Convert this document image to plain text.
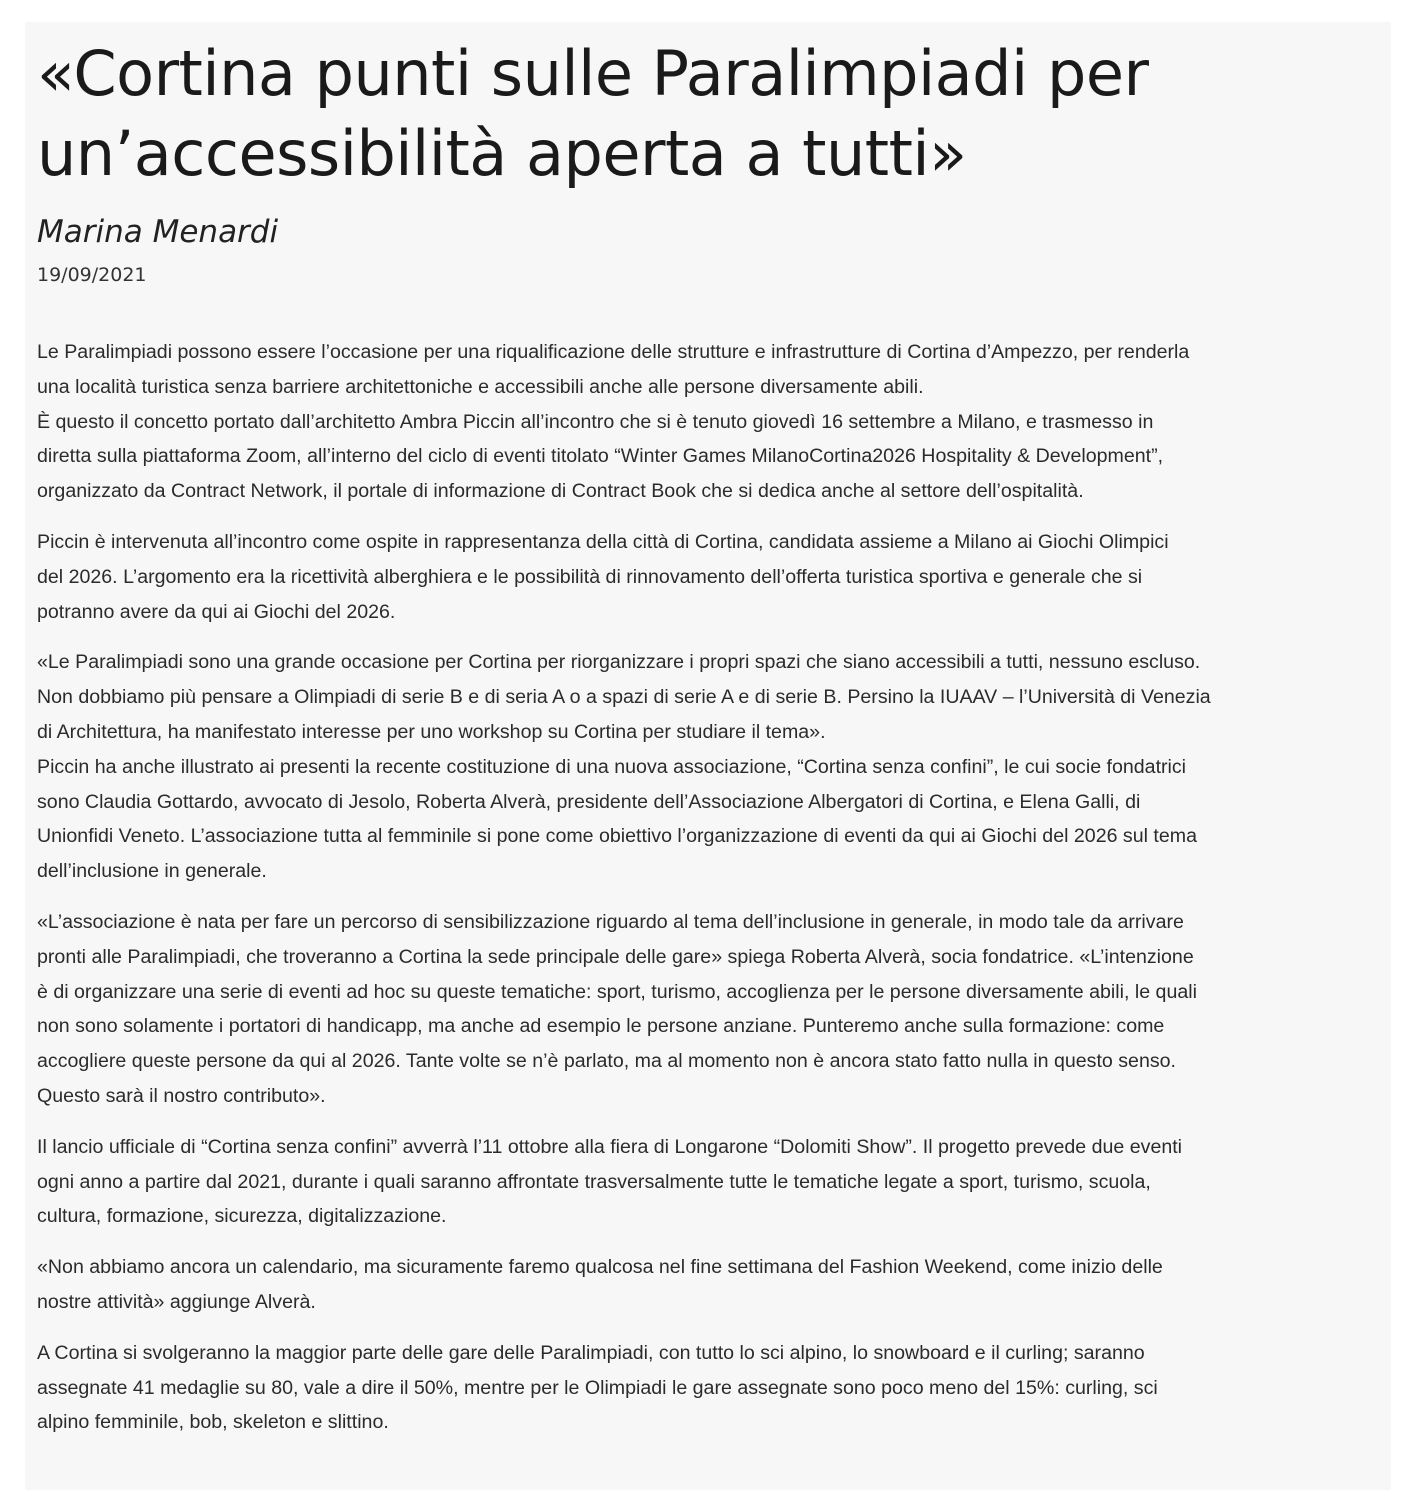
«Cortina punti sulle Paralimpiadi per
un’accessibilità aperta a tutti»
Marina Menardi
19/09/2021

Le Paralimpiadi possono essere l’occasione per una riqualificazione delle strutture e infrastrutture di Cortina d’Ampezzo, per renderla
una località turistica senza barriere architettoniche e accessibili anche alle persone diversamente abili.
È questo il concetto portato dall’architetto Ambra Piccin all’incontro che si è tenuto giovedì 16 settembre a Milano, e trasmesso in
diretta sulla piattaforma Zoom, all’interno del ciclo di eventi titolato “Winter Games MilanoCortina2026 Hospitality & Development”,
organizzato da Contract Network, il portale di informazione di Contract Book che si dedica anche al settore dell’ospitalità.

Piccin è intervenuta all’incontro come ospite in rappresentanza della città di Cortina, candidata assieme a Milano ai Giochi Olimpici
del 2026. L’argomento era la ricettività alberghiera e le possibilità di rinnovamento dell’offerta turistica sportiva e generale che si
potranno avere da qui ai Giochi del 2026.

«Le Paralimpiadi sono una grande occasione per Cortina per riorganizzare i propri spazi che siano accessibili a tutti, nessuno escluso.
Non dobbiamo più pensare a Olimpiadi di serie B e di seria A o a spazi di serie A e di serie B. Persino la IUAAV – l’Università di Venezia
di Architettura, ha manifestato interesse per uno workshop su Cortina per studiare il tema».
Piccin ha anche illustrato ai presenti la recente costituzione di una nuova associazione, “Cortina senza confini”, le cui socie fondatrici
sono Claudia Gottardo, avvocato di Jesolo, Roberta Alverà, presidente dell’Associazione Albergatori di Cortina, e Elena Galli, di
Unionfidi Veneto. L’associazione tutta al femminile si pone come obiettivo l’organizzazione di eventi da qui ai Giochi del 2026 sul tema
dell’inclusione in generale.

«L’associazione è nata per fare un percorso di sensibilizzazione riguardo al tema dell’inclusione in generale, in modo tale da arrivare
pronti alle Paralimpiadi, che troveranno a Cortina la sede principale delle gare» spiega Roberta Alverà, socia fondatrice. «L’intenzione
è di organizzare una serie di eventi ad hoc su queste tematiche: sport, turismo, accoglienza per le persone diversamente abili, le quali
non sono solamente i portatori di handicapp, ma anche ad esempio le persone anziane. Punteremo anche sulla formazione: come
accogliere queste persone da qui al 2026. Tante volte se n’è parlato, ma al momento non è ancora stato fatto nulla in questo senso.
Questo sarà il nostro contributo».

Il lancio ufficiale di “Cortina senza confini” avverrà l’11 ottobre alla fiera di Longarone “Dolomiti Show”. Il progetto prevede due eventi
ogni anno a partire dal 2021, durante i quali saranno affrontate trasversalmente tutte le tematiche legate a sport, turismo, scuola,
cultura, formazione, sicurezza, digitalizzazione.

«Non abbiamo ancora un calendario, ma sicuramente faremo qualcosa nel fine settimana del Fashion Weekend, come inizio delle
nostre attività» aggiunge Alverà.

A Cortina si svolgeranno la maggior parte delle gare delle Paralimpiadi, con tutto lo sci alpino, lo snowboard e il curling; saranno
assegnate 41 medaglie su 80, vale a dire il 50%, mentre per le Olimpiadi le gare assegnate sono poco meno del 15%: curling, sci
alpino femminile, bob, skeleton e slittino.
